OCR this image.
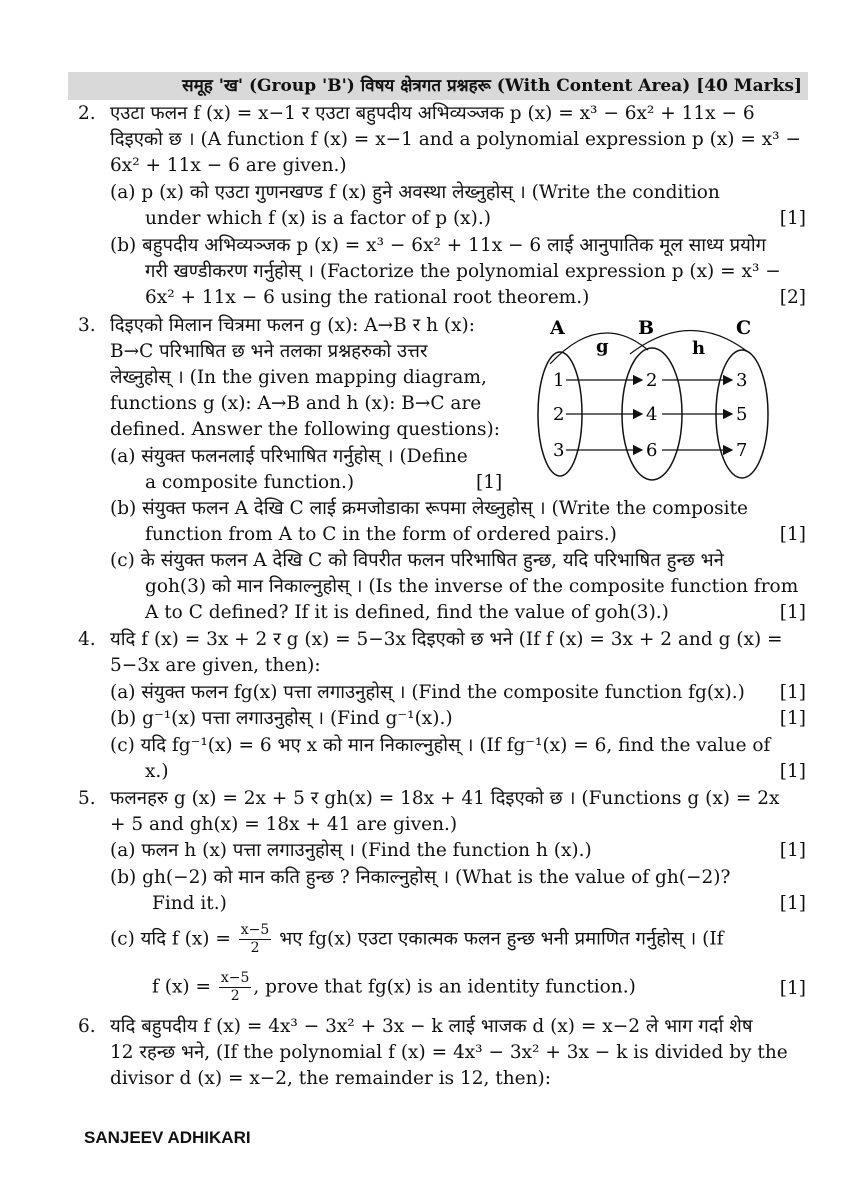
समूह 'ख' (Group 'B') विषय क्षेत्रगत प्रश्नहरू (With Content Area) [40 Marks]
2. एउटा फलन f (x) = x−1 र एउटा बहुपदीय अभिव्यञ्जक p (x) = x³ − 6x² + 11x − 6
दिइएको छ । (A function f (x) = x−1 and a polynomial expression p (x) = x³ −
6x² + 11x − 6 are given.)
(a) p (x) को एउटा गुणनखण्ड f (x) हुने अवस्था लेख्नुहोस् । (Write the condition
under which f (x) is a factor of p (x).)	[1]
(b) बहुपदीय अभिव्यञ्जक p (x) = x³ − 6x² + 11x − 6 लाई आनुपातिक मूल साध्य प्रयोग
गरी खण्डीकरण गर्नुहोस् । (Factorize the polynomial expression p (x) = x³ −
6x² + 11x − 6 using the rational root theorem.)	[2]
3. दिइएको मिलान चित्रमा फलन g (x): A→B र h (x):
B→C परिभाषित छ भने तलका प्रश्नहरुको उत्तर
लेख्नुहोस् । (In the given mapping diagram,
functions g (x): A→B and h (x): B→C are
defined. Answer the following questions):
(a) संयुक्त फलनलाई परिभाषित गर्नुहोस् । (Define
a composite function.)	[1]
A	B	C
g	h
1
2
3
2
4
6
3
5
7
(b) संयुक्त फलन A देखि C लाई क्रमजोडाका रूपमा लेख्नुहोस् । (Write the composite
function from A to C in the form of ordered pairs.)	[1]
(c) के संयुक्त फलन A देखि C को विपरीत फलन परिभाषित हुन्छ, यदि परिभाषित हुन्छ भने
goh(3) को मान निकाल्नुहोस् । (Is the inverse of the composite function from
A to C defined? If it is defined, find the value of goh(3).)	[1]
4. यदि f (x) = 3x + 2 र g (x) = 5−3x दिइएको छ भने (If f (x) = 3x + 2 and g (x) =
5−3x are given, then):
(a) संयुक्त फलन fg(x) पत्ता लगाउनुहोस् । (Find the composite function fg(x).) [1]
(b) g⁻¹(x) पत्ता लगाउनुहोस् । (Find g⁻¹(x).)	[1]
(c) यदि fg⁻¹(x) = 6 भए x को मान निकाल्नुहोस् । (If fg⁻¹(x) = 6, find the value of
x.)	[1]
5. फलनहरु g (x) = 2x + 5 र gh(x) = 18x + 41 दिइएको छ । (Functions g (x) = 2x
+ 5 and gh(x) = 18x + 41 are given.)
(a) फलन h (x) पत्ता लगाउनुहोस् । (Find the function h (x).)	[1]
(b) gh(−2) को मान कति हुन्छ ? निकाल्नुहोस् । (What is the value of gh(−2)?
Find it.)	[1]
(c) यदि f $(x) = \frac{x-5}{2}$ भए fg(x) एउटा एकात्मक फलन हुन्छ भनी प्रमाणित गर्नुहोस् । (If
f $(x) = \frac{x-5}{2}$ , prove that fg(x) is an identity function.)	[1]
6. यदि बहुपदीय f (x) = 4x³ − 3x² + 3x − k लाई भाजक d (x) = x−2 ले भाग गर्दा शेष
12 रहन्छ भने, (If the polynomial f (x) = 4x³ − 3x² + 3x − k is divided by the
divisor d (x) = x−2, the remainder is 12, then):
SANJEEV ADHIKARI
